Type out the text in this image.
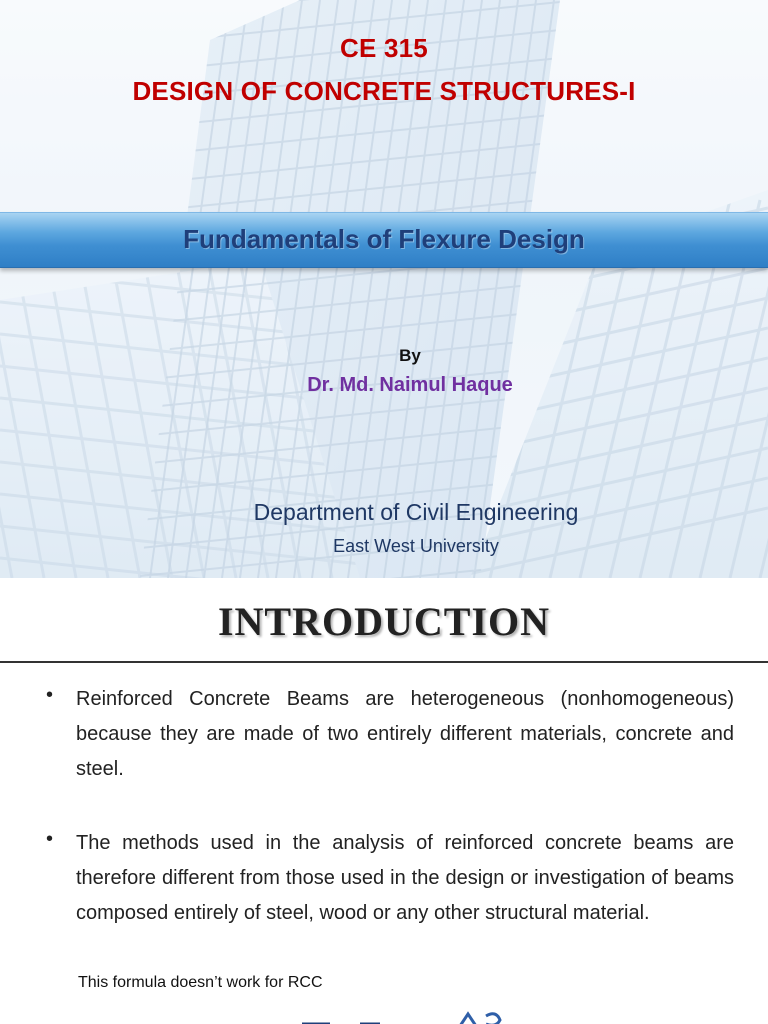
CE 315
DESIGN OF CONCRETE STRUCTURES-I
Fundamentals of Flexure Design
By
Dr. Md. Naimul Haque
Department of Civil Engineering
East West University
INTRODUCTION
• Reinforced Concrete Beams are heterogeneous (nonhomogeneous) because they are made of two entirely different materials, concrete and steel.
• The methods used in the analysis of reinforced concrete beams are therefore different from those used in the design or investigation of beams composed entirely of steel, wood or any other structural material.
This formula doesn’t work for RCC
